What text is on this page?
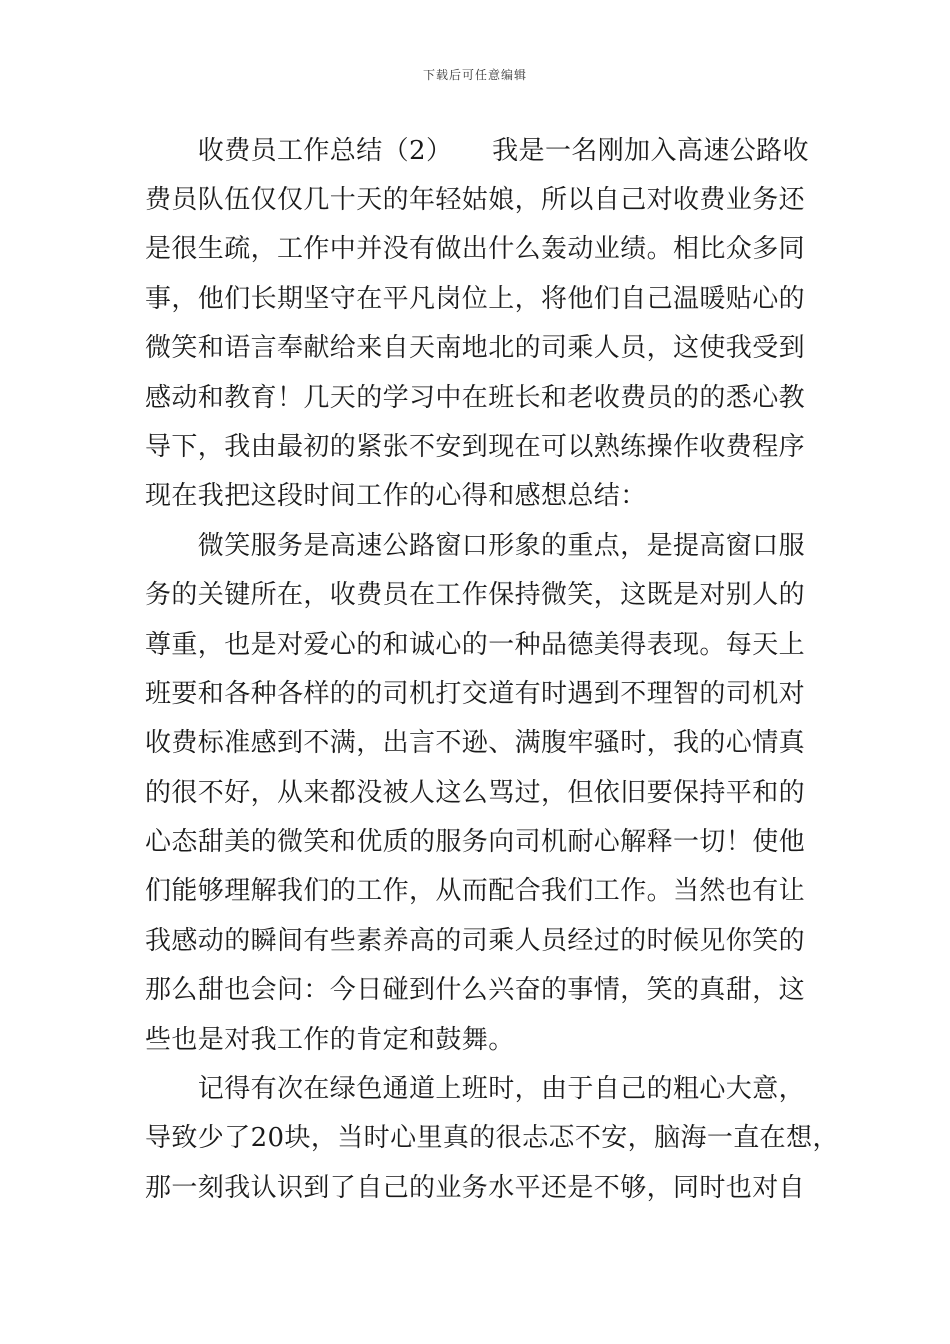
下载后可任意编辑
　　收费员工作总结（2）　　我是一名刚加入高速公路收
费员队伍仅仅几十天的年轻姑娘，所以自己对收费业务还
是很生疏，工作中并没有做出什么轰动业绩。相比众多同
事，他们长期坚守在平凡岗位上，将他们自己温暖贴心的
微笑和语言奉献给来自天南地北的司乘人员，这使我受到
感动和教育！几天的学习中在班长和老收费员的的悉心教
导下，我由最初的紧张不安到现在可以熟练操作收费程序
现在我把这段时间工作的心得和感想总结：
　　微笑服务是高速公路窗口形象的重点，是提高窗口服
务的关键所在，收费员在工作保持微笑，这既是对别人的
尊重，也是对爱心的和诚心的一种品德美得表现。每天上
班要和各种各样的的司机打交道有时遇到不理智的司机对
收费标准感到不满，出言不逊、满腹牢骚时，我的心情真
的很不好，从来都没被人这么骂过，但依旧要保持平和的
心态甜美的微笑和优质的服务向司机耐心解释一切！使他
们能够理解我们的工作，从而配合我们工作。当然也有让
我感动的瞬间有些素养高的司乘人员经过的时候见你笑的
那么甜也会问：今日碰到什么兴奋的事情，笑的真甜，这
些也是对我工作的肯定和鼓舞。
　　记得有次在绿色通道上班时，由于自己的粗心大意，
导致少了20块，当时心里真的很忐忑不安，脑海一直在想，
那一刻我认识到了自己的业务水平还是不够，同时也对自
